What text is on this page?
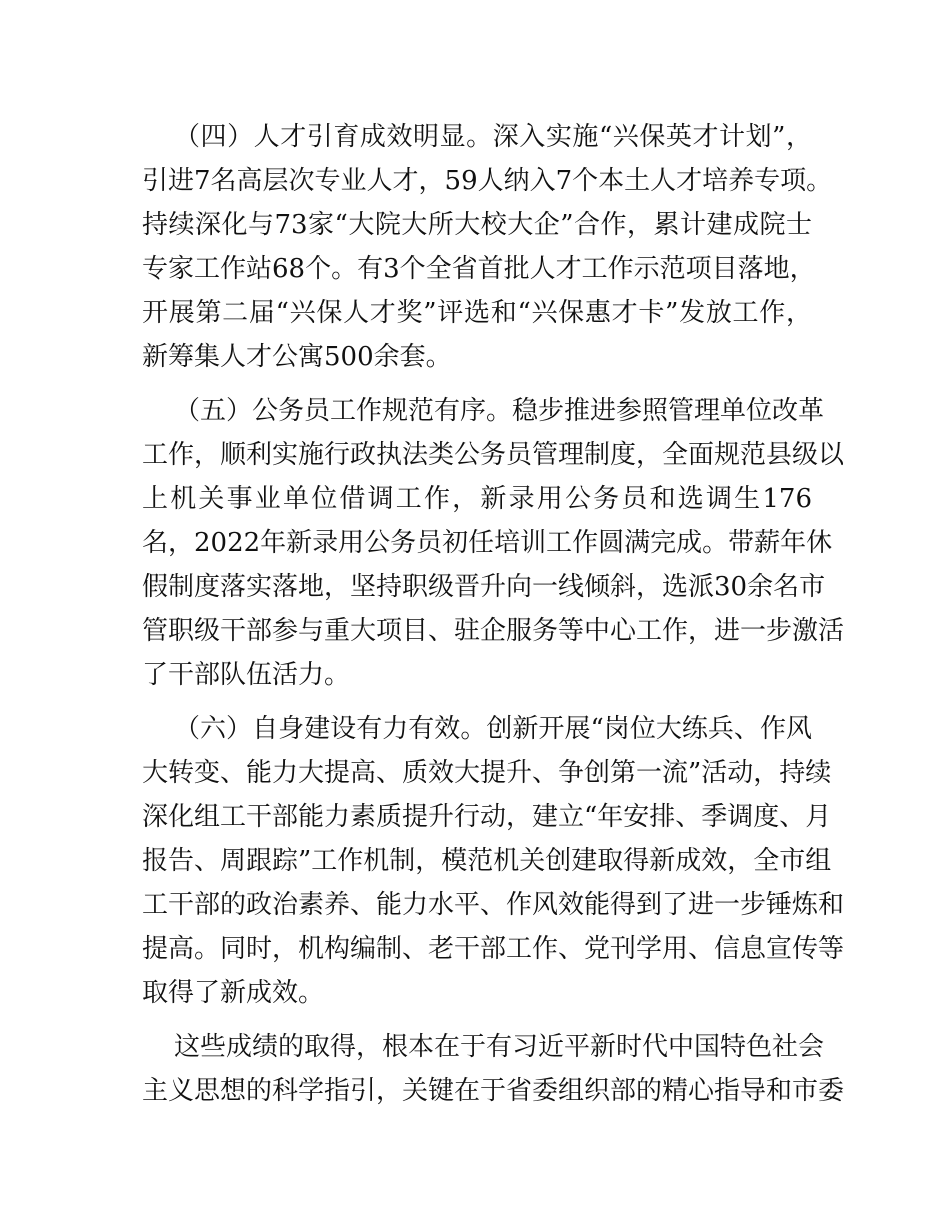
（四）人才引育成效明显。深入实施“兴保英才计划”，
引进7名高层次专业人才，59人纳入7个本土人才培养专项。
持续深化与73家“大院大所大校大企”合作，累计建成院士
专家工作站68个。有3个全省首批人才工作示范项目落地，
开展第二届“兴保人才奖”评选和“兴保惠才卡”发放工作，
新筹集人才公寓500余套。
（五）公务员工作规范有序。稳步推进参照管理单位改革
工作，顺利实施行政执法类公务员管理制度，全面规范县级以
上机关事业单位借调工作，新录用公务员和选调生176
名，2022年新录用公务员初任培训工作圆满完成。带薪年休
假制度落实落地，坚持职级晋升向一线倾斜，选派30余名市
管职级干部参与重大项目、驻企服务等中心工作，进一步激活
了干部队伍活力。
（六）自身建设有力有效。创新开展“岗位大练兵、作风
大转变、能力大提高、质效大提升、争创第一流”活动，持续
深化组工干部能力素质提升行动，建立“年安排、季调度、月
报告、周跟踪”工作机制，模范机关创建取得新成效，全市组
工干部的政治素养、能力水平、作风效能得到了进一步锤炼和
提高。同时，机构编制、老干部工作、党刊学用、信息宣传等
取得了新成效。
这些成绩的取得，根本在于有习近平新时代中国特色社会
主义思想的科学指引，关键在于省委组织部的精心指导和市委
